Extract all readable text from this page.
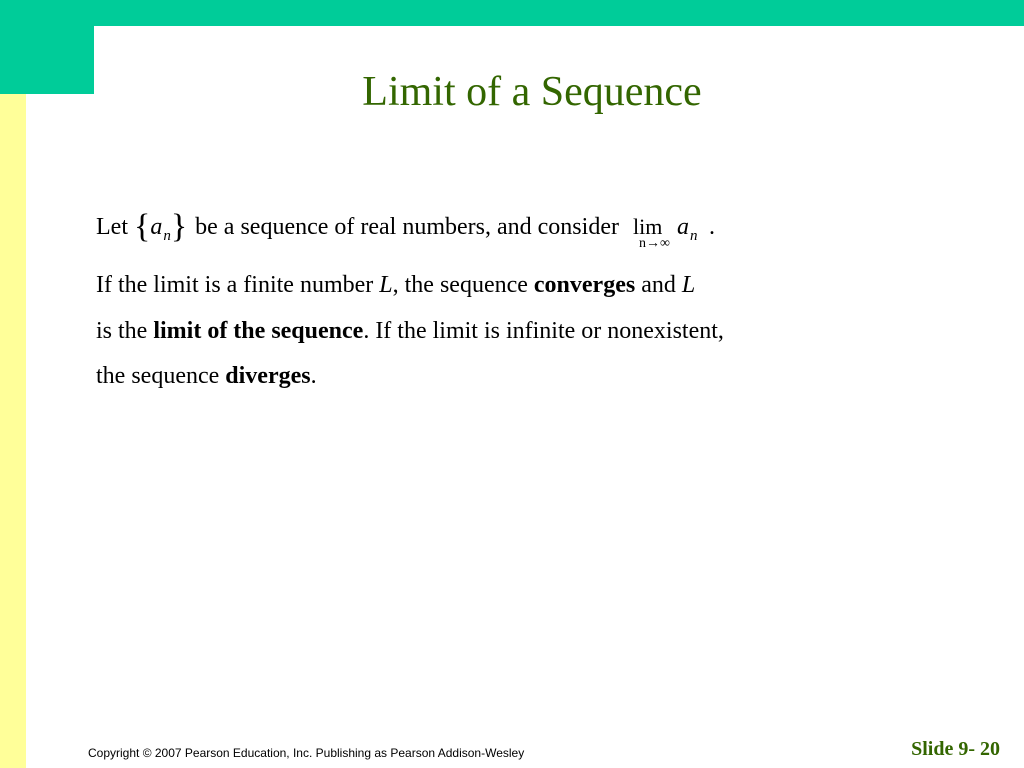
Limit of a Sequence
Let $\{a_n\}$ be a sequence of real numbers, and consider lim
n→∞
$a_n$ .
If the limit is a finite number L, the sequence converges and L
is the limit of the sequence. If the limit is infinite or nonexistent,
the sequence diverges.
Copyright © 2007 Pearson Education, Inc. Publishing as Pearson Addison-Wesley	Slide 9- 20
